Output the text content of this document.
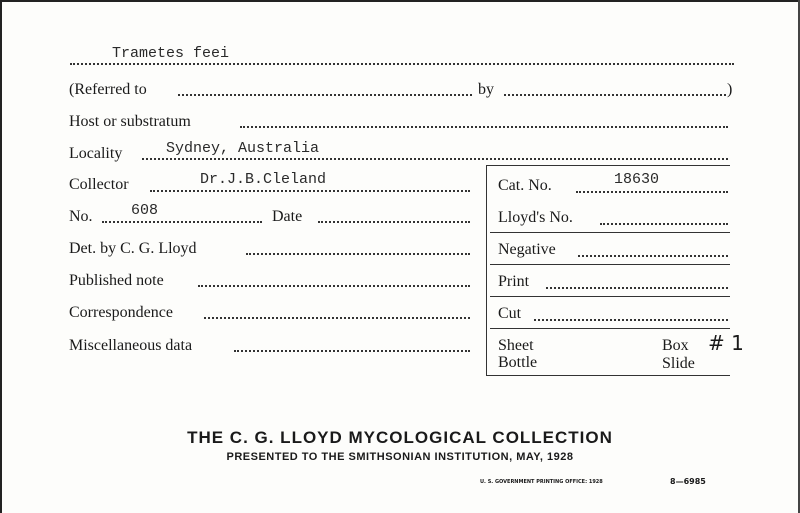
Trametes feei
(Referred to	by	)
Host or substratum
Locality	Sydney, Australia
Collector	Dr.J.B.Cleland	Cat. No.	18630
No.	608	Date	Lloyd's No.
Det. by C. G. Lloyd	Negative
Published note	Print
Correspondence	Cut
Miscellaneous data	Sheet	Box # 1
Bottle	Slide
THE C. G. LLOYD MYCOLOGICAL COLLECTION
PRESENTED TO THE SMITHSONIAN INSTITUTION, MAY, 1928
U. S. GOVERNMENT PRINTING OFFICE: 1928	8—6985
